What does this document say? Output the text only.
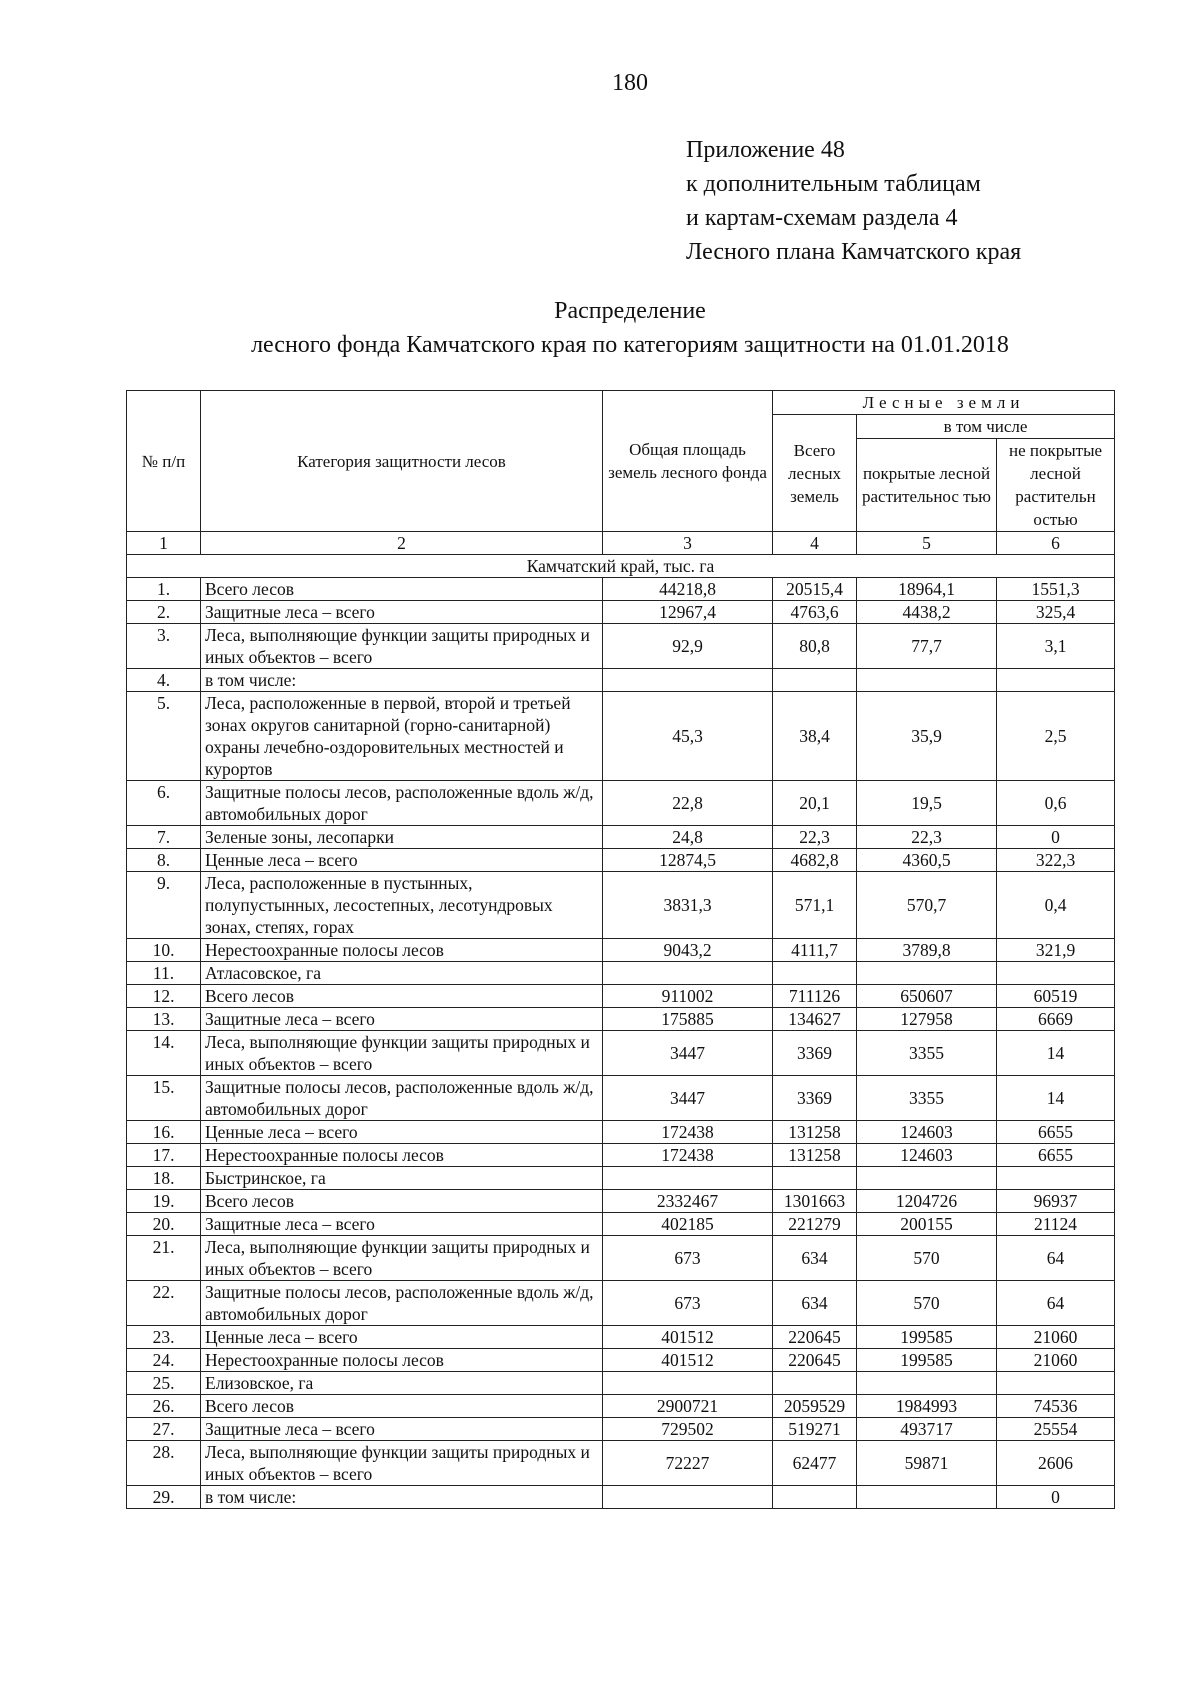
180
Приложение 48
к дополнительным таблицам
и картам-схемам раздела 4
Лесного плана Камчатского края
Распределение
лесного фонда Камчатского края по категориям защитности на 01.01.2018
№ п/п	Категория защитности лесов	Общая площадь земель лесного фонда	Лесные земли		
			Всего лесных земель	в том числе	
				покрытые лесной растительнос тью	не покрытые лесной растительн остью
1	2	3	4	5	6
Камчатский край, тыс. га					
1.	Всего лесов	44218,8	20515,4	18964,1	1551,3
2.	Защитные леса – всего	12967,4	4763,6	4438,2	325,4
3.	Леса, выполняющие функции защиты природных и иных объектов – всего	92,9	80,8	77,7	3,1
4.	в том числе:				
5.	Леса, расположенные в первой, второй и третьей зонах округов санитарной (горно-санитарной) охраны лечебно-оздоровительных местностей и курортов	45,3	38,4	35,9	2,5
6.	Защитные полосы лесов, расположенные вдоль ж/д, автомобильных дорог	22,8	20,1	19,5	0,6
7.	Зеленые зоны, лесопарки	24,8	22,3	22,3	0
8.	Ценные леса – всего	12874,5	4682,8	4360,5	322,3
9.	Леса, расположенные в пустынных, полупустынных, лесостепных, лесотундровых зонах, степях, горах	3831,3	571,1	570,7	0,4
10.	Нерестоохранные полосы лесов	9043,2	4111,7	3789,8	321,9
11.	Атласовское, га				
12.	Всего лесов	911002	711126	650607	60519
13.	Защитные леса – всего	175885	134627	127958	6669
14.	Леса, выполняющие функции защиты природных и иных объектов – всего	3447	3369	3355	14
15.	Защитные полосы лесов, расположенные вдоль ж/д, автомобильных дорог	3447	3369	3355	14
16.	Ценные леса – всего	172438	131258	124603	6655
17.	Нерестоохранные полосы лесов	172438	131258	124603	6655
18.	Быстринское, га				
19.	Всего лесов	2332467	1301663	1204726	96937
20.	Защитные леса – всего	402185	221279	200155	21124
21.	Леса, выполняющие функции защиты природных и иных объектов – всего	673	634	570	64
22.	Защитные полосы лесов, расположенные вдоль ж/д, автомобильных дорог	673	634	570	64
23.	Ценные леса – всего	401512	220645	199585	21060
24.	Нерестоохранные полосы лесов	401512	220645	199585	21060
25.	Елизовское, га				
26.	Всего лесов	2900721	2059529	1984993	74536
27.	Защитные леса – всего	729502	519271	493717	25554
28.	Леса, выполняющие функции защиты природных и иных объектов – всего	72227	62477	59871	2606
29.	в том числе:				0
